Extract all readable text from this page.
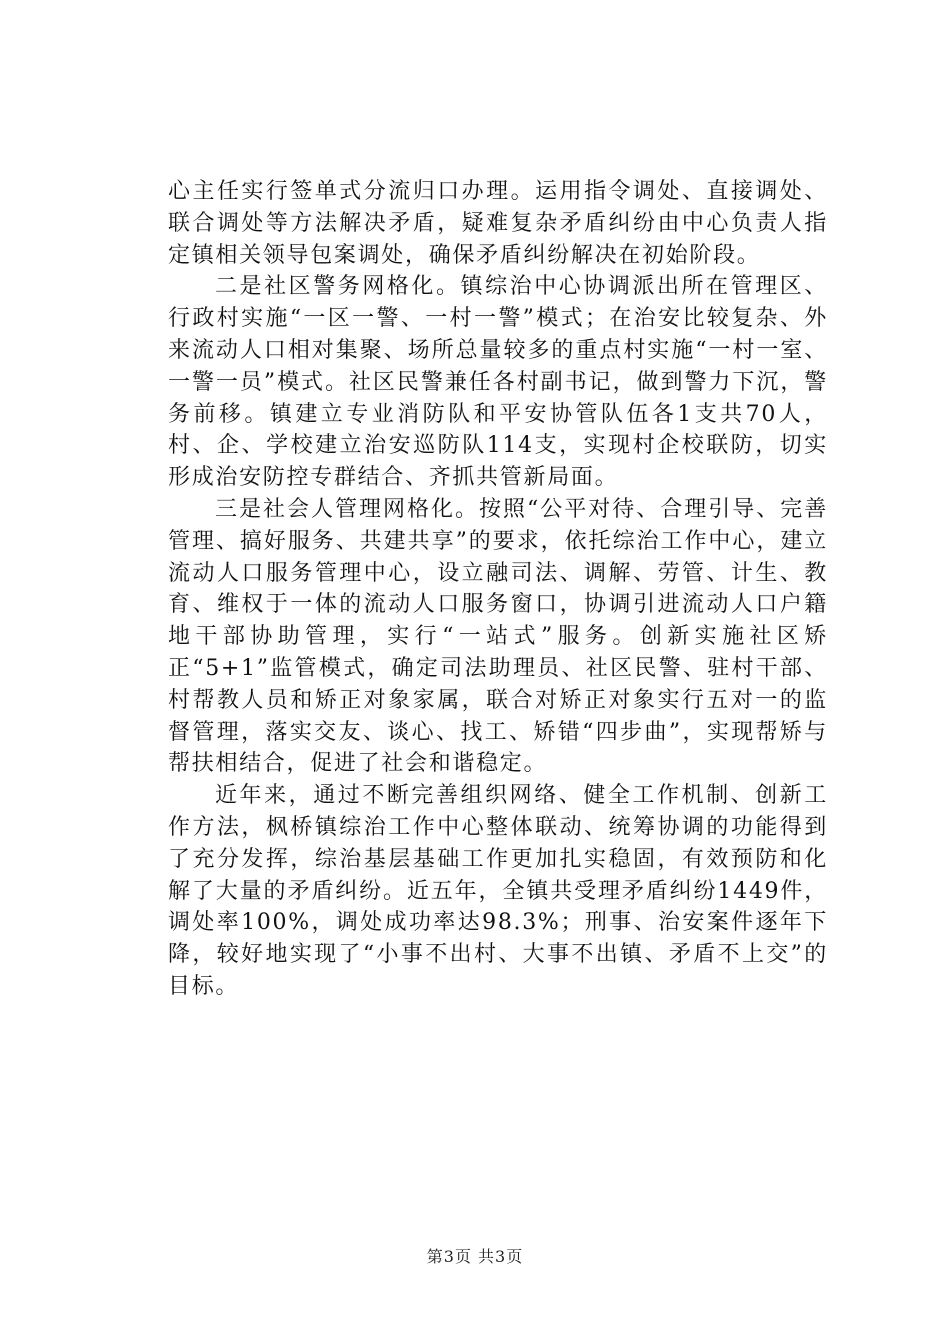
心主任实行签单式分流归口办理。运用指令调处、直接调处、联合调处等方法解决矛盾，疑难复杂矛盾纠纷由中心负责人指定镇相关领导包案调处，确保矛盾纠纷解决在初始阶段。

二是社区警务网格化。镇综治中心协调派出所在管理区、行政村实施“一区一警、一村一警”模式；在治安比较复杂、外来流动人口相对集聚、场所总量较多的重点村实施“一村一室、一警一员”模式。社区民警兼任各村副书记，做到警力下沉，警务前移。镇建立专业消防队和平安协管队伍各1支共70人，村、企、学校建立治安巡防队114支，实现村企校联防，切实形成治安防控专群结合、齐抓共管新局面。

三是社会人管理网格化。按照“公平对待、合理引导、完善管理、搞好服务、共建共享”的要求，依托综治工作中心，建立流动人口服务管理中心，设立融司法、调解、劳管、计生、教育、维权于一体的流动人口服务窗口，协调引进流动人口户籍地干部协助管理，实行“一站式”服务。创新实施社区矫正“5+1”监管模式，确定司法助理员、社区民警、驻村干部、村帮教人员和矫正对象家属，联合对矫正对象实行五对一的监督管理，落实交友、谈心、找工、矫错“四步曲”，实现帮矫与帮扶相结合，促进了社会和谐稳定。

近年来，通过不断完善组织网络、健全工作机制、创新工作方法，枫桥镇综治工作中心整体联动、统筹协调的功能得到了充分发挥，综治基层基础工作更加扎实稳固，有效预防和化解了大量的矛盾纠纷。近五年，全镇共受理矛盾纠纷1449件，调处率100%，调处成功率达98.3%；刑事、治安案件逐年下降，较好地实现了“小事不出村、大事不出镇、矛盾不上交”的目标。

第3页 共3页
